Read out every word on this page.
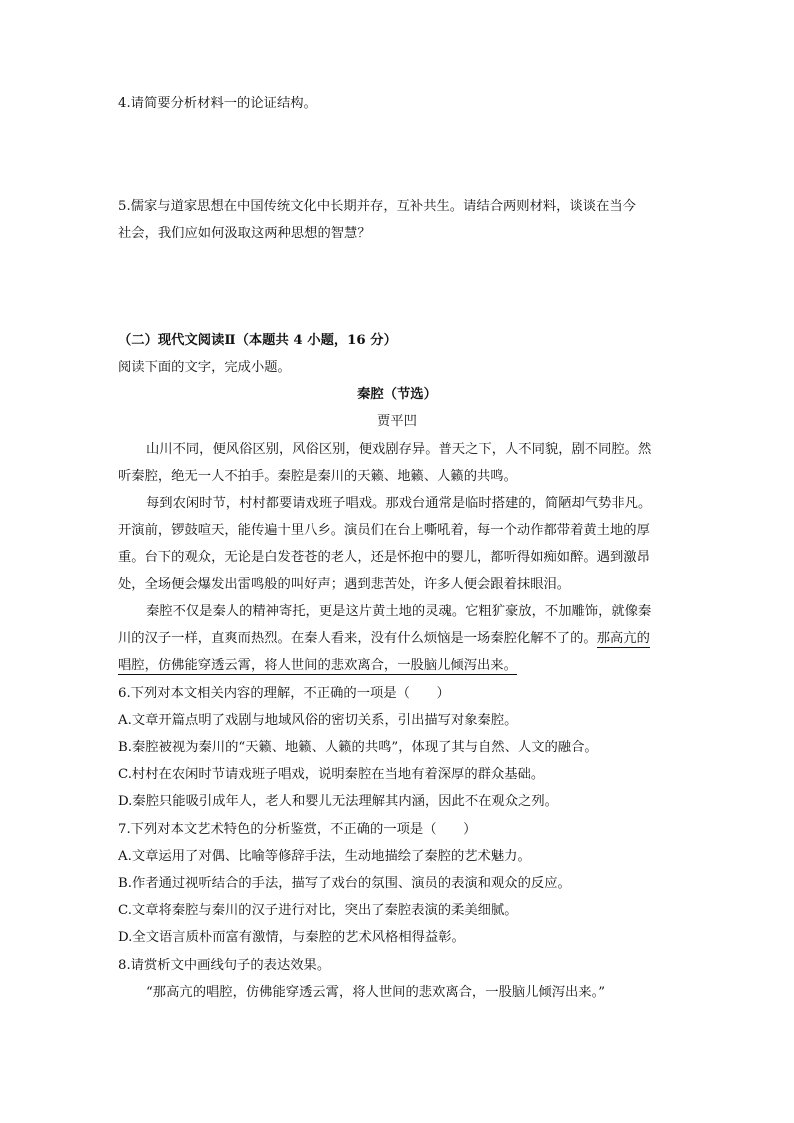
4.请简要分析材料一的论证结构。
5.儒家与道家思想在中国传统文化中长期并存，互补共生。请结合两则材料，谈谈在当今
社会，我们应如何汲取这两种思想的智慧？
（二）现代文阅读Ⅱ（本题共 4 小题，16 分）
阅读下面的文字，完成小题。
秦腔（节选）
贾平凹
山川不同，便风俗区别，风俗区别，便戏剧存异。普天之下，人不同貌，剧不同腔。然
听秦腔，绝无一人不拍手。秦腔是秦川的天籁、地籁、人籁的共鸣。
每到农闲时节，村村都要请戏班子唱戏。那戏台通常是临时搭建的，简陋却气势非凡。
开演前，锣鼓喧天，能传遍十里八乡。演员们在台上嘶吼着，每一个动作都带着黄土地的厚
重。台下的观众，无论是白发苍苍的老人，还是怀抱中的婴儿，都听得如痴如醉。遇到激昂
处，全场便会爆发出雷鸣般的叫好声；遇到悲苦处，许多人便会跟着抹眼泪。
秦腔不仅是秦人的精神寄托，更是这片黄土地的灵魂。它粗犷豪放，不加雕饰，就像秦
川的汉子一样，直爽而热烈。在秦人看来，没有什么烦恼是一场秦腔化解不了的。那高亢的
唱腔，仿佛能穿透云霄，将人世间的悲欢离合，一股脑儿倾泻出来。
6.下列对本文相关内容的理解，不正确的一项是（　　）
A.文章开篇点明了戏剧与地域风俗的密切关系，引出描写对象秦腔。
B.秦腔被视为秦川的“天籁、地籁、人籁的共鸣”，体现了其与自然、人文的融合。
C.村村在农闲时节请戏班子唱戏，说明秦腔在当地有着深厚的群众基础。
D.秦腔只能吸引成年人，老人和婴儿无法理解其内涵，因此不在观众之列。
7.下列对本文艺术特色的分析鉴赏，不正确的一项是（　　）
A.文章运用了对偶、比喻等修辞手法，生动地描绘了秦腔的艺术魅力。
B.作者通过视听结合的手法，描写了戏台的氛围、演员的表演和观众的反应。
C.文章将秦腔与秦川的汉子进行对比，突出了秦腔表演的柔美细腻。
D.全文语言质朴而富有激情，与秦腔的艺术风格相得益彰。
8.请赏析文中画线句子的表达效果。
“那高亢的唱腔，仿佛能穿透云霄，将人世间的悲欢离合，一股脑儿倾泻出来。”
